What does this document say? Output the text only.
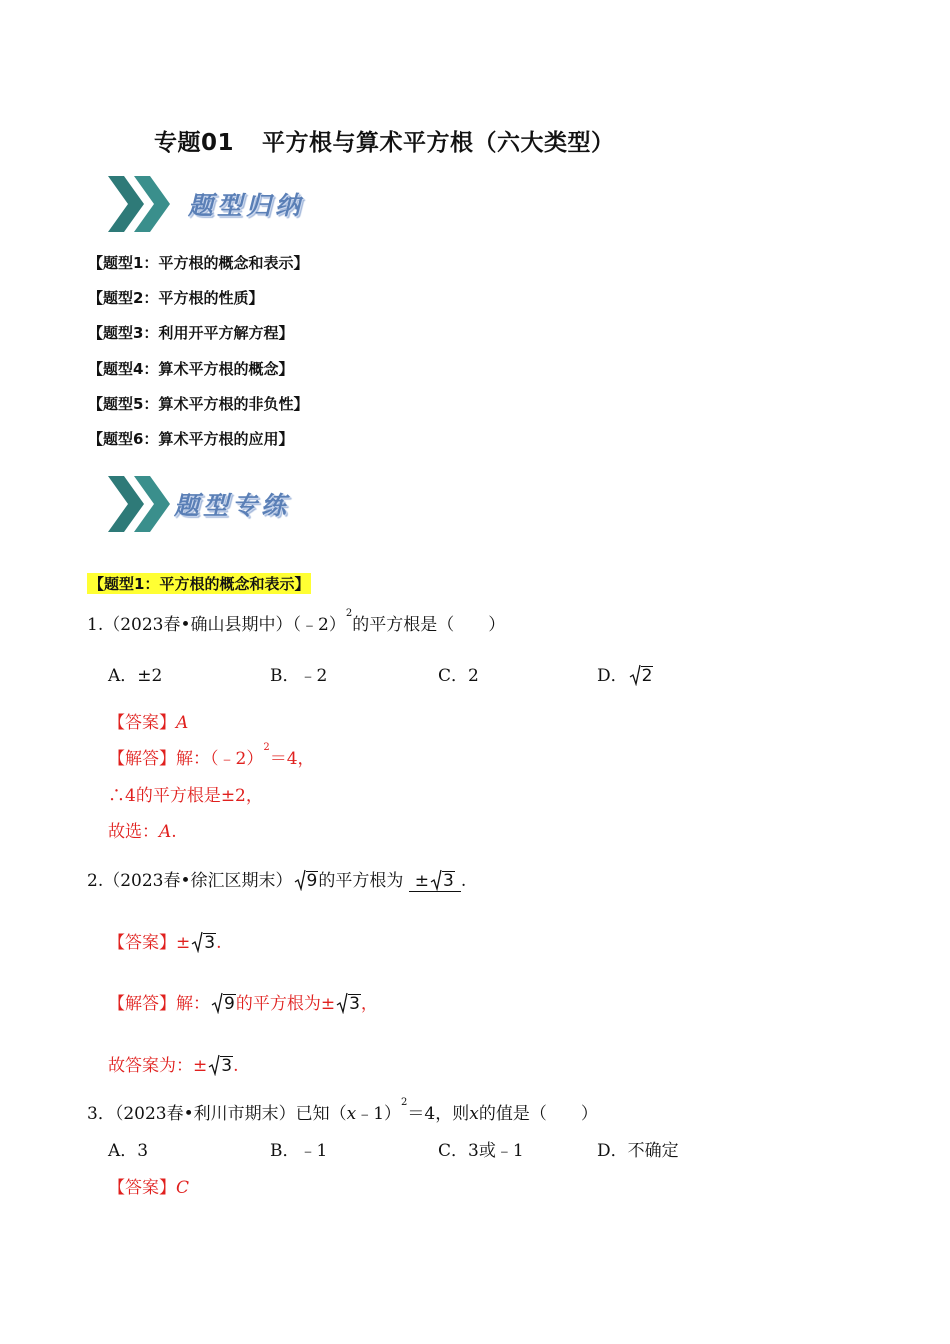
专题01 平方根与算术平方根（六大类型）
题型归纳
【题型1：平方根的概念和表示】
【题型2：平方根的性质】
【题型3：利用开平方解方程】
【题型4：算术平方根的概念】
【题型5：算术平方根的非负性】
【题型6：算术平方根的应用】
题型专练
【题型1：平方根的概念和表示】
1.（2023春•确山县期中）（﹣2）$^2$的平方根是（　　）
A．±2	B．﹣2	C．2	D． 2
【答案】A
【解答】解：（﹣2）$^2$＝4，
∴4的平方根是±2，
故选：A.
2.（2023春•徐汇区期末） 9的平方根为 ± 3 .
【答案】± 3.
【解答】解： 9的平方根为± 3，
故答案为：± 3.
3．（2023春•利川市期末）已知（x﹣1）$^2$＝4，则x的值是（　　）
A．3	B．﹣1	C．3或﹣1	D．不确定
【答案】C
